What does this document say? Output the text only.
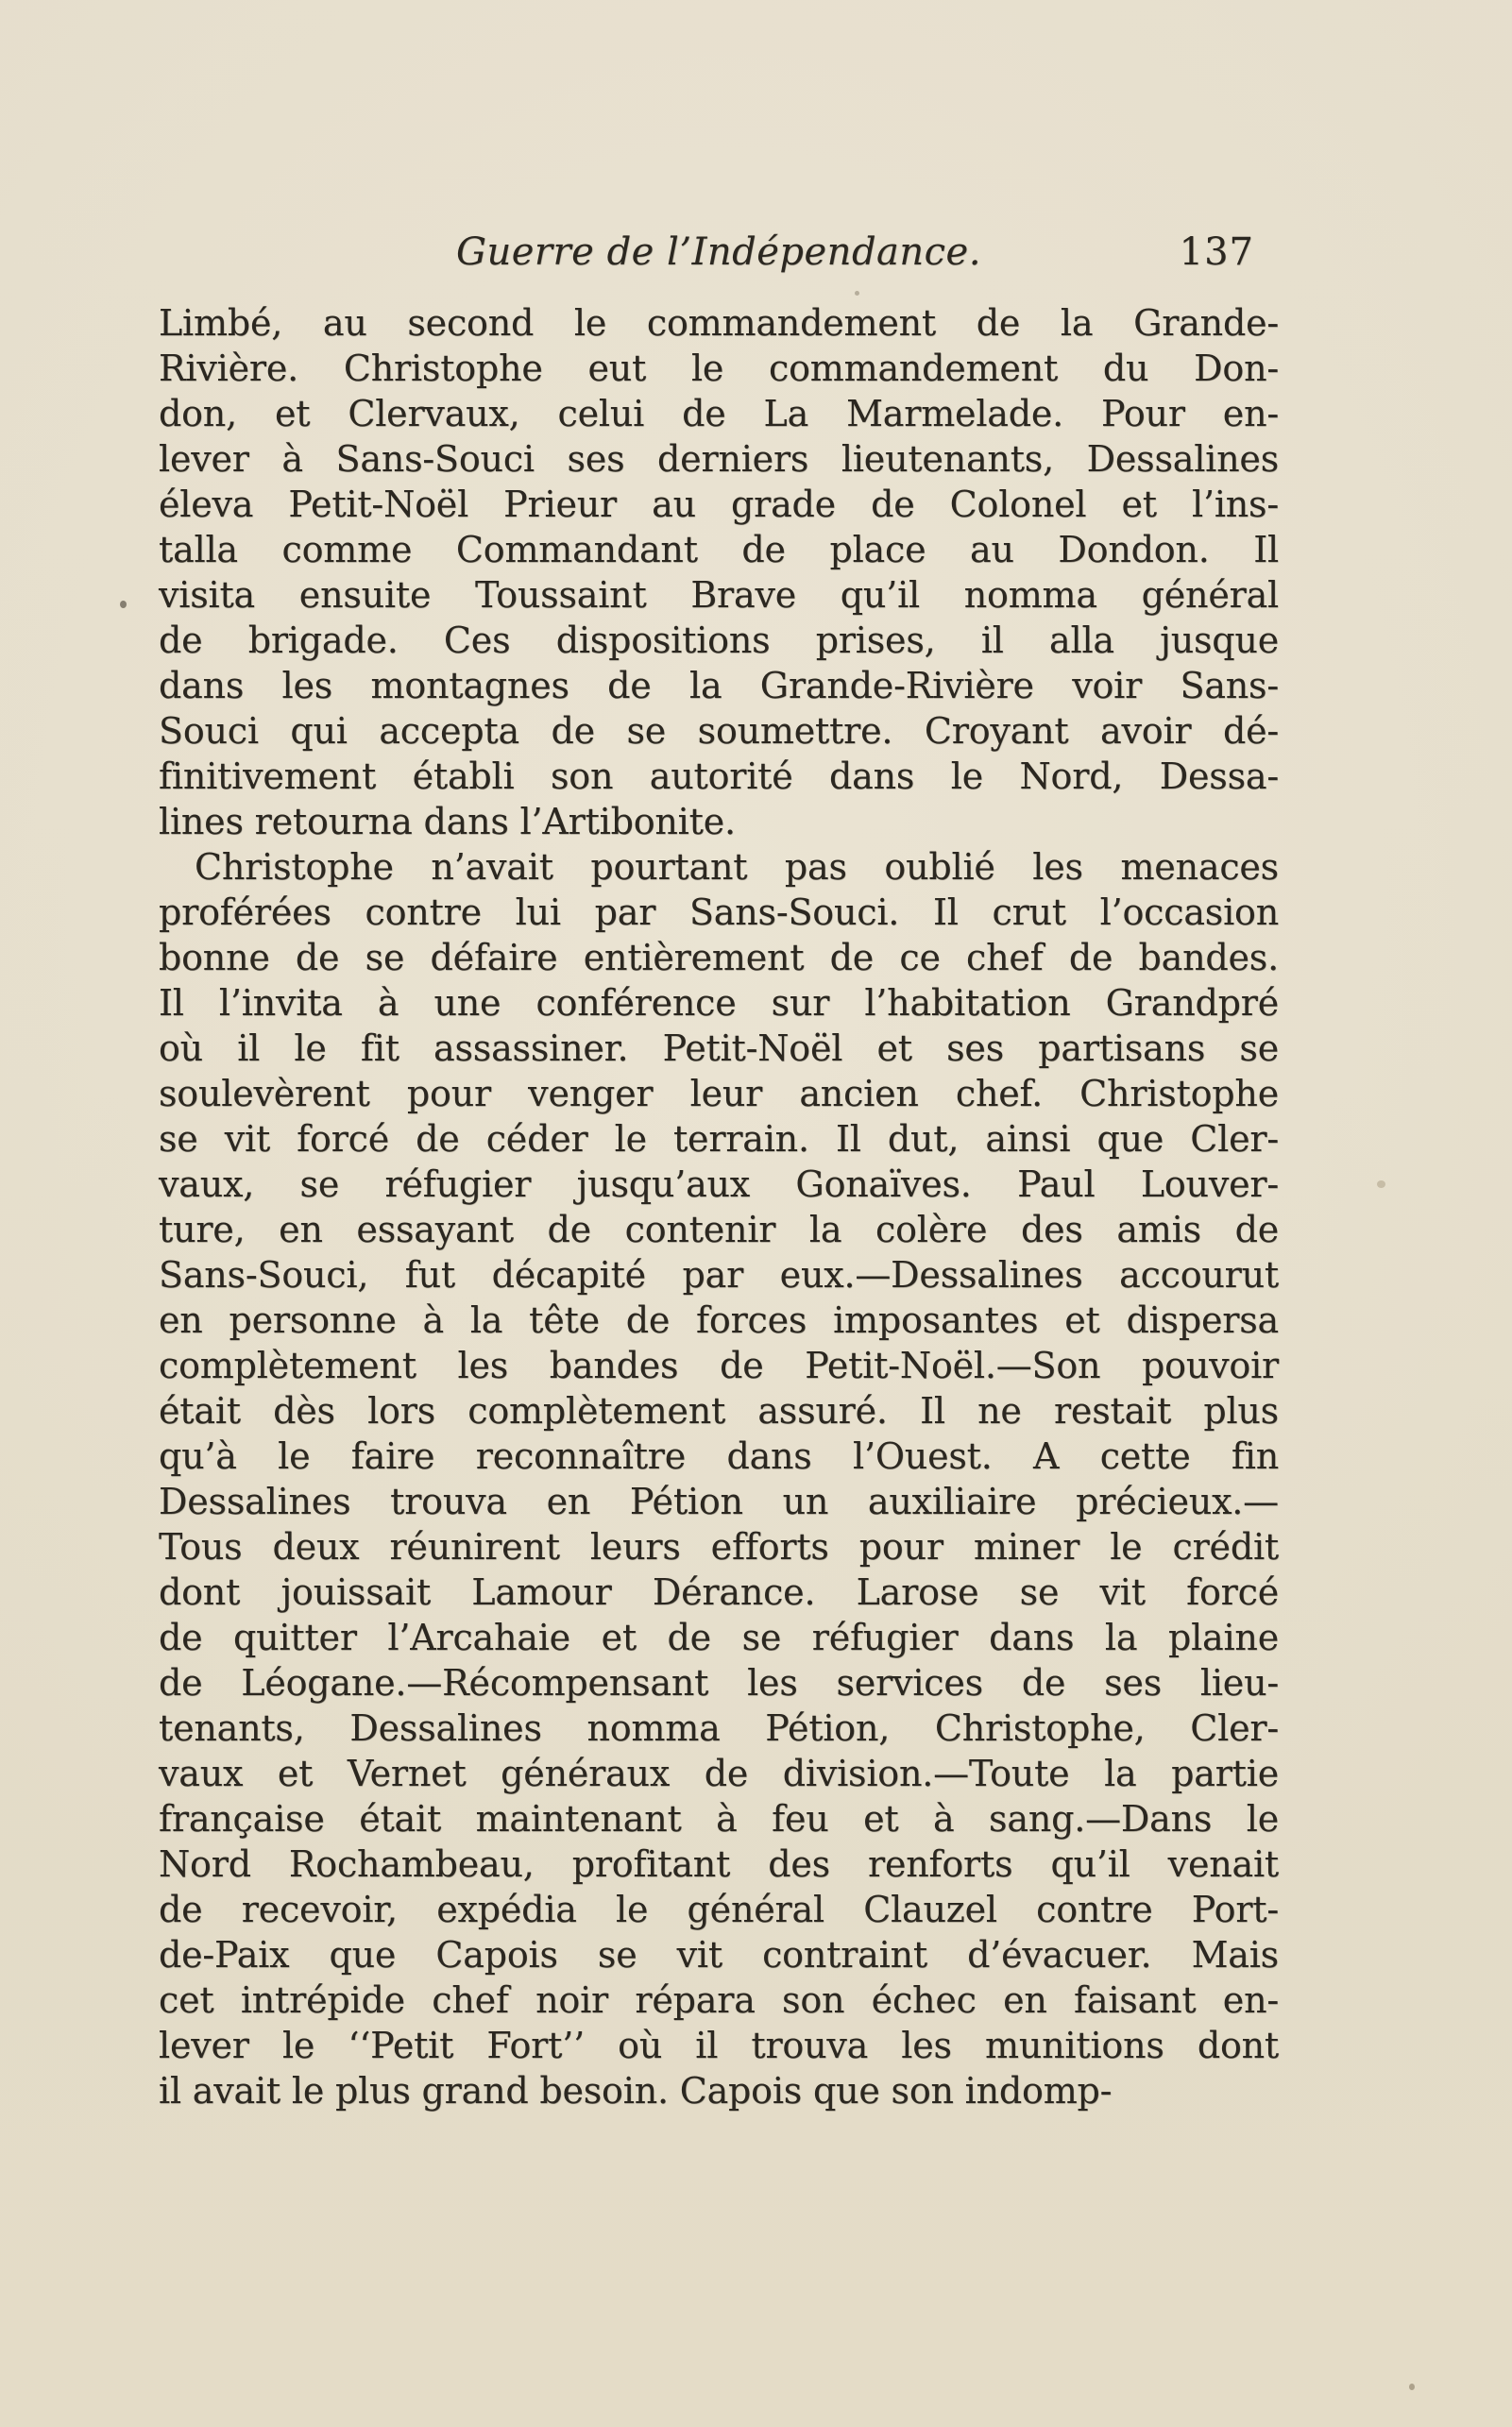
Guerre de l’Indépendance.	137
Limbé, au second le commandement de la Grande-
Rivière. Christophe eut le commandement du Don-
don, et Clervaux, celui de La Marmelade. Pour en-
lever à Sans-Souci ses derniers lieutenants, Dessalines
éleva Petit-Noël Prieur au grade de Colonel et l’ins-
talla comme Commandant de place au Dondon. Il
visita ensuite Toussaint Brave qu’il nomma général
de brigade. Ces dispositions prises, il alla jusque
dans les montagnes de la Grande-Rivière voir Sans-
Souci qui accepta de se soumettre. Croyant avoir dé-
finitivement établi son autorité dans le Nord, Dessa-
lines retourna dans l’Artibonite.
Christophe n’avait pourtant pas oublié les menaces
proférées contre lui par Sans-Souci. Il crut l’occasion
bonne de se défaire entièrement de ce chef de bandes.
Il l’invita à une conférence sur l’habitation Grandpré
où il le fit assassiner. Petit-Noël et ses partisans se
soulevèrent pour venger leur ancien chef. Christophe
se vit forcé de céder le terrain. Il dut, ainsi que Cler-
vaux, se réfugier jusqu’aux Gonaïves. Paul Louver-
ture, en essayant de contenir la colère des amis de
Sans-Souci, fut décapité par eux.—Dessalines accourut
en personne à la tête de forces imposantes et dispersa
complètement les bandes de Petit-Noël.—Son pouvoir
était dès lors complètement assuré. Il ne restait plus
qu’à le faire reconnaître dans l’Ouest. A cette fin
Dessalines trouva en Pétion un auxiliaire précieux.—
Tous deux réunirent leurs efforts pour miner le crédit
dont jouissait Lamour Dérance. Larose se vit forcé
de quitter l’Arcahaie et de se réfugier dans la plaine
de Léogane.—Récompensant les services de ses lieu-
tenants, Dessalines nomma Pétion, Christophe, Cler-
vaux et Vernet généraux de division.—Toute la partie
française était maintenant à feu et à sang.—Dans le
Nord Rochambeau, profitant des renforts qu’il venait
de recevoir, expédia le général Clauzel contre Port-
de-Paix que Capois se vit contraint d’évacuer. Mais
cet intrépide chef noir répara son échec en faisant en-
lever le ‘‘Petit Fort’’ où il trouva les munitions dont
il avait le plus grand besoin. Capois que son indomp-
